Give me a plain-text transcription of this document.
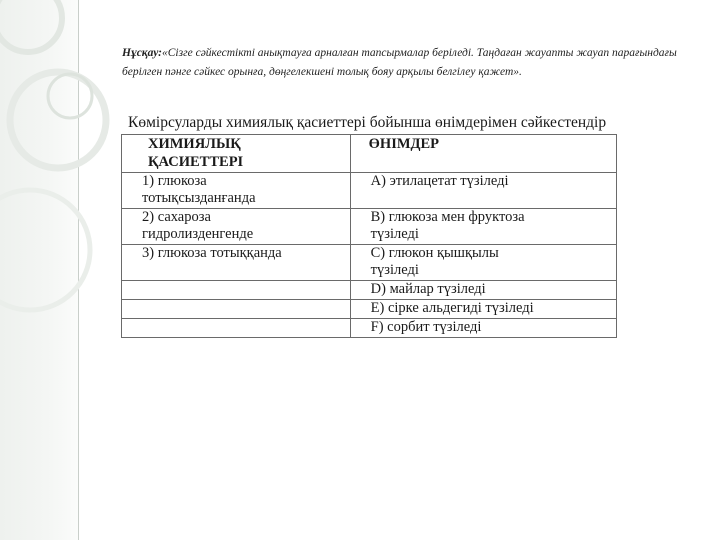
Нұсқау:«Сізге сәйкестікті анықтауға арналған тапсырмалар беріледі. Таңдаған жауапты жауап парағындағы берілген пәнге сәйкес орынға, дөңгелекшені толық бояу арқылы белгілеу қажет».
Көмірсуларды химиялық қасиеттері бойынша өнімдерімен сәйкестендір
ХИМИЯЛЫҚ
ҚАСИЕТТЕРІ	ӨНІМДЕР

1) глюкоза
тотықсызданғанда	A) этилацетат түзіледі

2) сахароза
гидролизденгенде	B) глюкоза мен фруктоза
түзіледі

3) глюкоза тотыққанда	C) глюкон қышқылы
түзіледі

	D) майлар түзіледі

	E) сірке альдегиді түзіледі

	F) сорбит түзіледі
